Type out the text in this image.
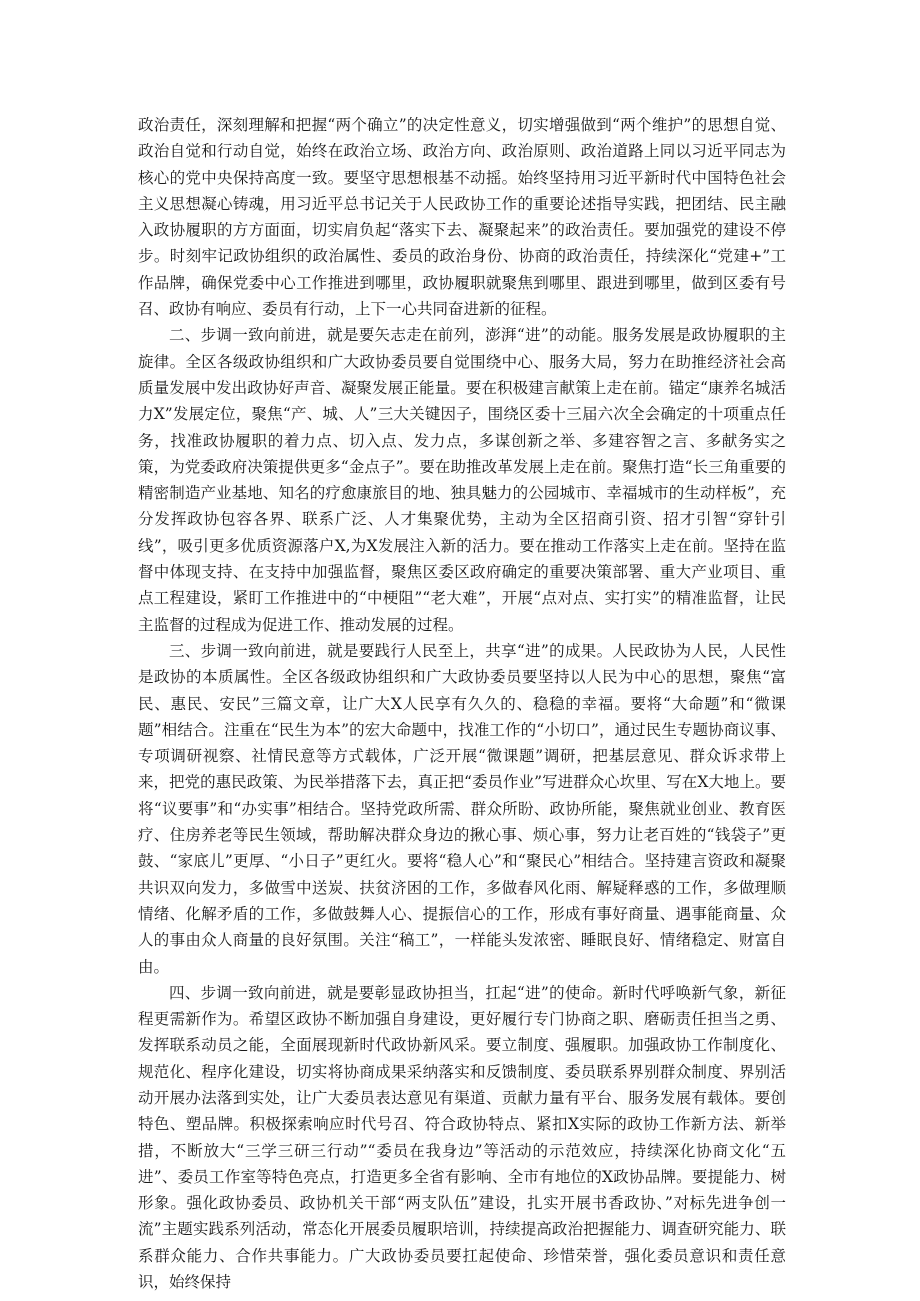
政治责任，深刻理解和把握“两个确立”的决定性意义，切实增强做到“两个维护”的思想自觉、政治自觉和行动自觉，始终在政治立场、政治方向、政治原则、政治道路上同以习近平同志为核心的党中央保持高度一致。要坚守思想根基不动摇。始终坚持用习近平新时代中国特色社会主义思想凝心铸魂，用习近平总书记关于人民政协工作的重要论述指导实践，把团结、民主融入政协履职的方方面面，切实肩负起“落实下去、凝聚起来”的政治责任。要加强党的建设不停步。时刻牢记政协组织的政治属性、委员的政治身份、协商的政治责任，持续深化“党建+”工作品牌，确保党委中心工作推进到哪里，政协履职就聚焦到哪里、跟进到哪里，做到区委有号召、政协有响应、委员有行动，上下一心共同奋进新的征程。

二、步调一致向前进，就是要矢志走在前列，澎湃“进”的动能。服务发展是政协履职的主旋律。全区各级政协组织和广大政协委员要自觉围绕中心、服务大局，努力在助推经济社会高质量发展中发出政协好声音、凝聚发展正能量。要在积极建言献策上走在前。锚定“康养名城活力X”发展定位，聚焦“产、城、人”三大关键因子，围绕区委十三届六次全会确定的十项重点任务，找准政协履职的着力点、切入点、发力点，多谋创新之举、多建容智之言、多献务实之策，为党委政府决策提供更多“金点子”。要在助推改革发展上走在前。聚焦打造“长三角重要的精密制造产业基地、知名的疗愈康旅目的地、独具魅力的公园城市、幸福城市的生动样板”，充分发挥政协包容各界、联系广泛、人才集聚优势，主动为全区招商引资、招才引智“穿针引线”，吸引更多优质资源落户X,为X发展注入新的活力。要在推动工作落实上走在前。坚持在监督中体现支持、在支持中加强监督，聚焦区委区政府确定的重要决策部署、重大产业项目、重点工程建设，紧盯工作推进中的“中梗阻”“老大难”，开展“点对点、实打实”的精准监督，让民主监督的过程成为促进工作、推动发展的过程。

三、步调一致向前进，就是要践行人民至上，共享“进”的成果。人民政协为人民，人民性是政协的本质属性。全区各级政协组织和广大政协委员要坚持以人民为中心的思想，聚焦“富民、惠民、安民”三篇文章，让广大X人民享有久久的、稳稳的幸福。要将“大命题”和“微课题”相结合。注重在“民生为本”的宏大命题中，找准工作的“小切口”，通过民生专题协商议事、专项调研视察、社情民意等方式载体，广泛开展“微课题”调研，把基层意见、群众诉求带上来，把党的惠民政策、为民举措落下去，真正把“委员作业”写进群众心坎里、写在X大地上。要将“议要事”和“办实事”相结合。坚持党政所需、群众所盼、政协所能，聚焦就业创业、教育医疗、住房养老等民生领域，帮助解决群众身边的揪心事、烦心事，努力让老百姓的“钱袋子”更鼓、“家底儿”更厚、“小日子”更红火。要将“稳人心”和“聚民心”相结合。坚持建言资政和凝聚共识双向发力，多做雪中送炭、扶贫济困的工作，多做春风化雨、解疑释惑的工作，多做理顺情绪、化解矛盾的工作，多做鼓舞人心、提振信心的工作，形成有事好商量、遇事能商量、众人的事由众人商量的良好氛围。关注“稿工”，一样能头发浓密、睡眠良好、情绪稳定、财富自由。

四、步调一致向前进，就是要彰显政协担当，扛起“进”的使命。新时代呼唤新气象，新征程更需新作为。希望区政协不断加强自身建设，更好履行专门协商之职、磨砺责任担当之勇、发挥联系动员之能，全面展现新时代政协新风采。要立制度、强履职。加强政协工作制度化、规范化、程序化建设，切实将协商成果采纳落实和反馈制度、委员联系界别群众制度、界别活动开展办法落到实处，让广大委员表达意见有渠道、贡献力量有平台、服务发展有载体。要创特色、塑品牌。积极探索响应时代号召、符合政协特点、紧扣X实际的政协工作新方法、新举措，不断放大“三学三研三行动”“委员在我身边”等活动的示范效应，持续深化协商文化“五进”、委员工作室等特色亮点，打造更多全省有影响、全市有地位的X政协品牌。要提能力、树形象。强化政协委员、政协机关干部“两支队伍”建设，扎实开展书香政协、”对标先进争创一流”主题实践系列活动，常态化开展委员履职培训，持续提高政治把握能力、调查研究能力、联系群众能力、合作共事能力。广大政协委员要扛起使命、珍惜荣誉，强化委员意识和责任意识，始终保持
